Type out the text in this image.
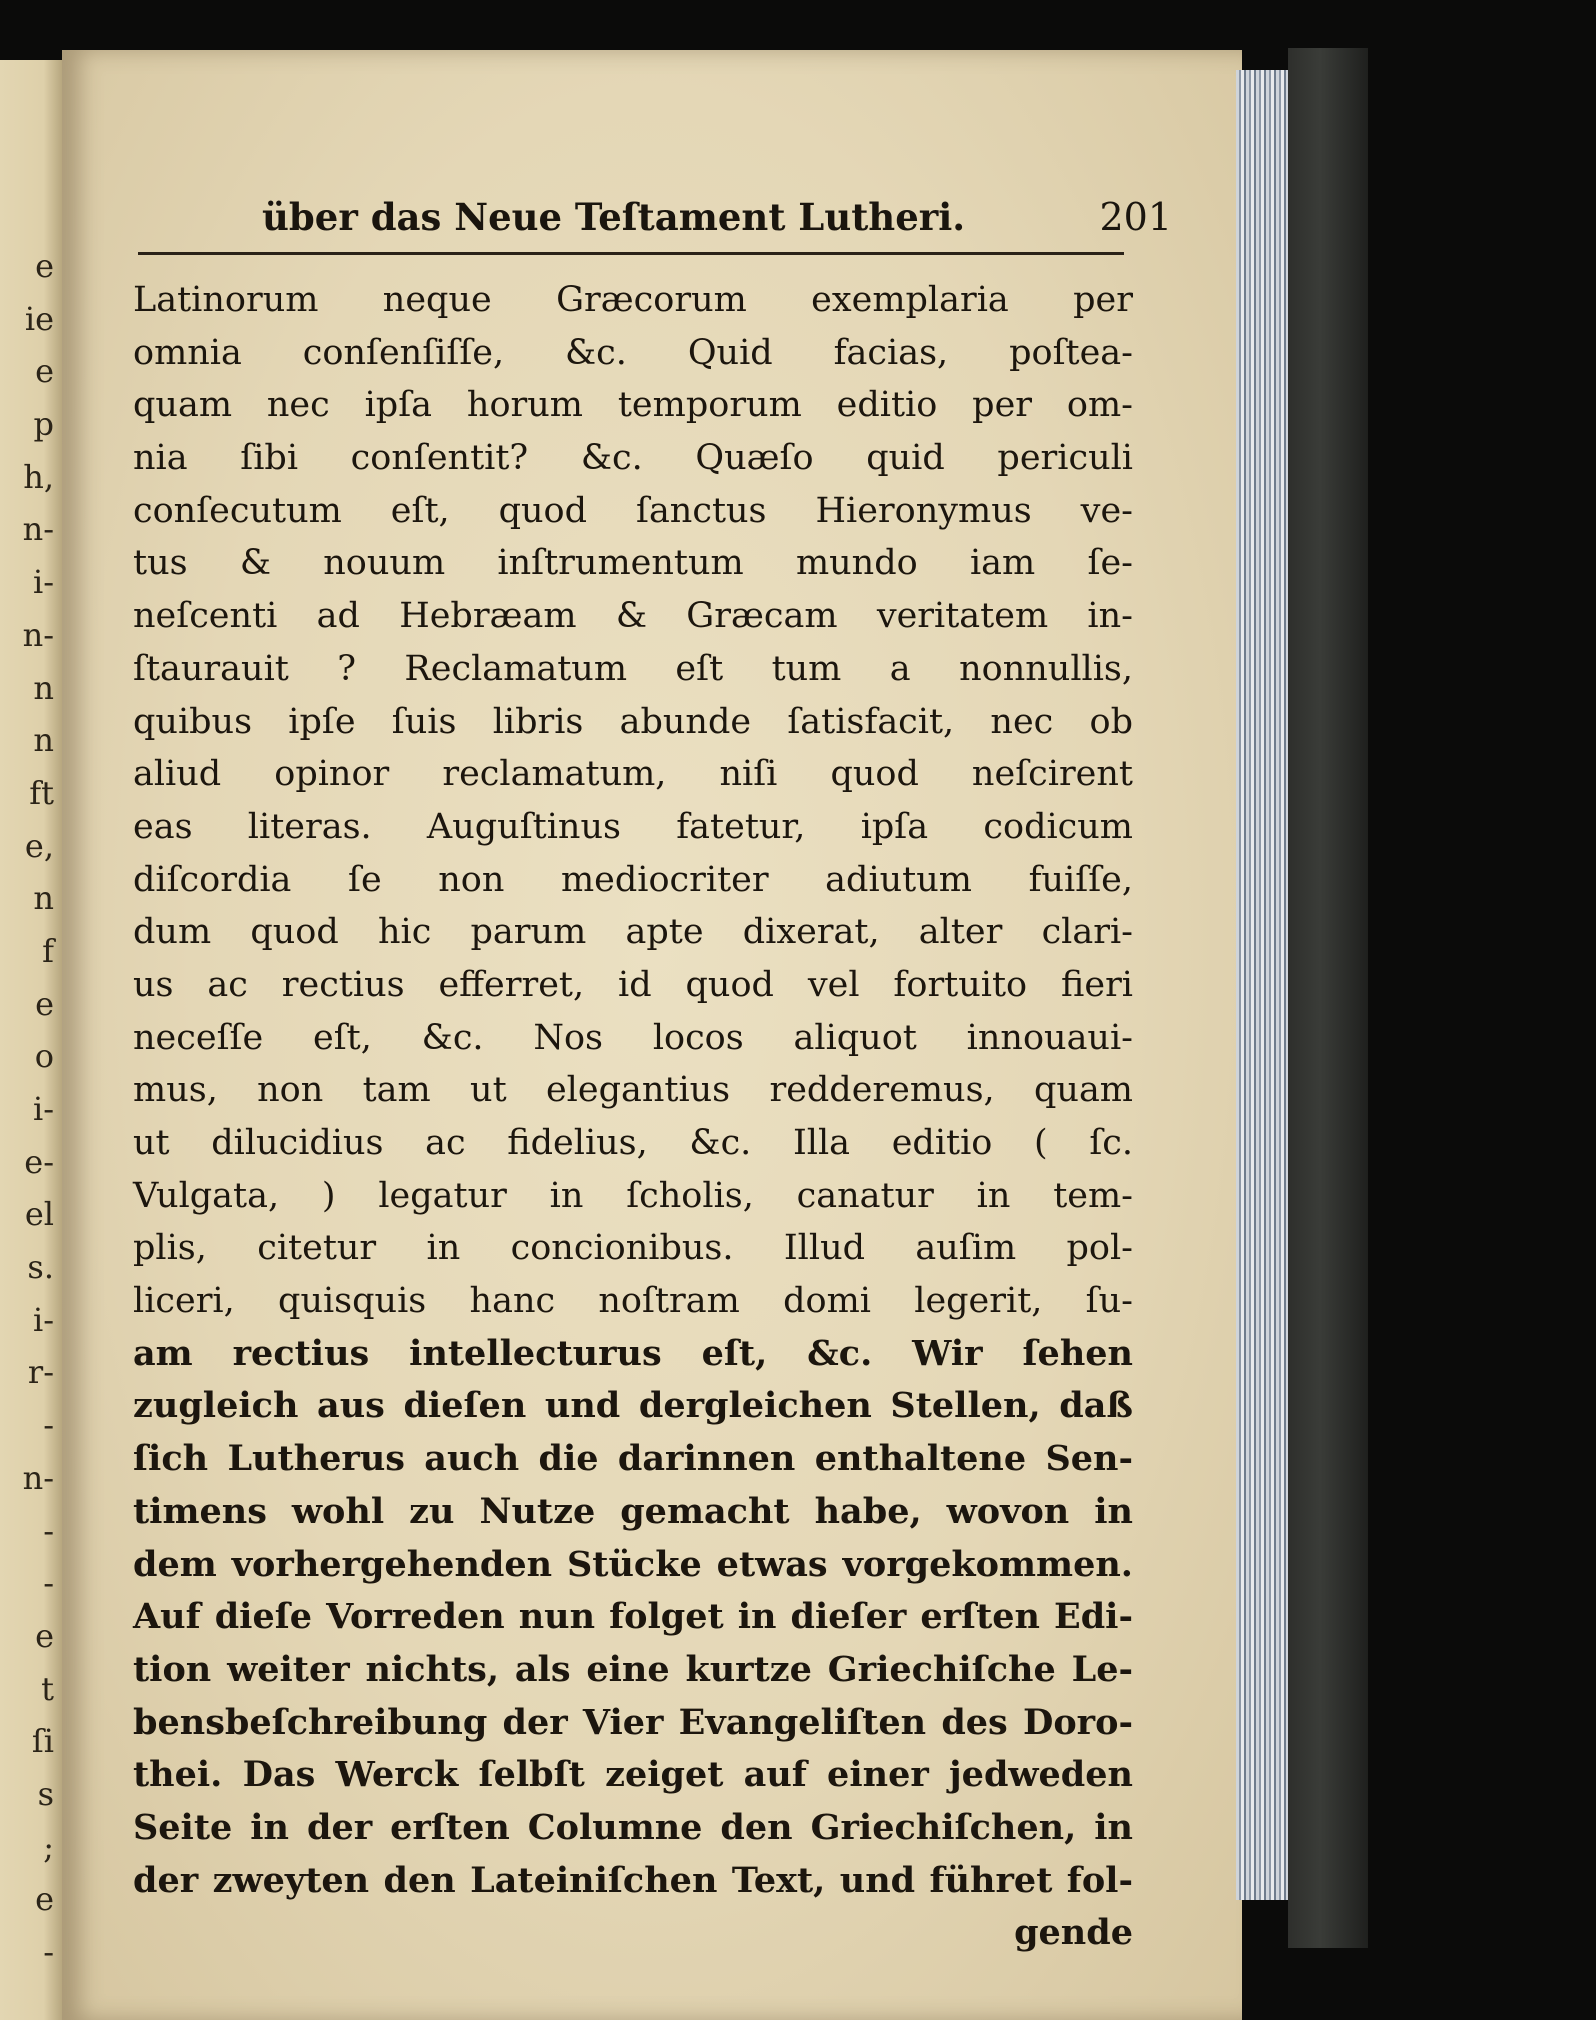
e
ie
e
p
h,
n-
i-
n-
n
n
ft
e,
n
f
e
o
i-
e-
el
s.
i-
r-
-
n-
-
-
e
t
ſi
s
;
e
-
über das Neue Teſtament Lutheri.	201
Latinorum neque Græcorum exemplaria per
omnia conſenſiſſe, &c. Quid facias, poſtea-
quam nec ipſa horum temporum editio per om-
nia ſibi conſentit? &c. Quæſo quid periculi
conſecutum eſt, quod ſanctus Hieronymus ve-
tus & nouum inſtrumentum mundo iam ſe-
neſcenti ad Hebræam & Græcam veritatem in-
ſtaurauit ? Reclamatum eſt tum a nonnullis,
quibus ipſe ſuis libris abunde ſatisfacit, nec ob
aliud opinor reclamatum, niſi quod neſcirent
eas literas. Auguſtinus fatetur, ipſa codicum
diſcordia ſe non mediocriter adiutum fuiſſe,
dum quod hic parum apte dixerat, alter clari-
us ac rectius efferret, id quod vel fortuito fieri
neceſſe eſt, &c. Nos locos aliquot innouaui-
mus, non tam ut elegantius redderemus, quam
ut dilucidius ac fidelius, &c. Illa editio ( ſc.
Vulgata, ) legatur in ſcholis, canatur in tem-
plis, citetur in concionibus. Illud auſim pol-
liceri, quisquis hanc noſtram domi legerit, ſu-
am rectius intellecturus eſt, &c. Wir ſehen
zugleich aus dieſen und dergleichen Stellen, daß
ſich Lutherus auch die darinnen enthaltene Sen-
timens wohl zu Nutze gemacht habe, wovon in
dem vorhergehenden Stücke etwas vorgekommen.
Auf dieſe Vorreden nun folget in dieſer erſten Edi-
tion weiter nichts, als eine kurtze Griechiſche Le-
bensbeſchreibung der Vier Evangeliſten des Doro-
thei. Das Werck ſelbſt zeiget auf einer jedweden
Seite in der erſten Columne den Griechiſchen, in
der zweyten den Lateiniſchen Text, und führet fol-
gende
